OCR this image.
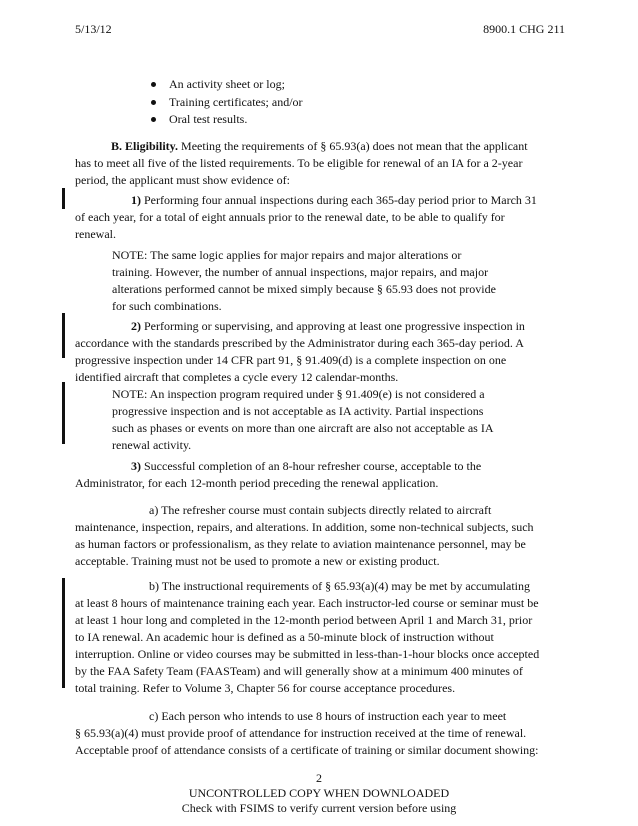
5/13/12	8900.1 CHG 211
An activity sheet or log;
Training certificates; and/or
Oral test results.
B. Eligibility. Meeting the requirements of § 65.93(a) does not mean that the applicant
has to meet all five of the listed requirements. To be eligible for renewal of an IA for a 2-year
period, the applicant must show evidence of:
1) Performing four annual inspections during each 365-day period prior to March 31
of each year, for a total of eight annuals prior to the renewal date, to be able to qualify for
renewal.
NOTE: The same logic applies for major repairs and major alterations or
training. However, the number of annual inspections, major repairs, and major
alterations performed cannot be mixed simply because § 65.93 does not provide
for such combinations.
2) Performing or supervising, and approving at least one progressive inspection in
accordance with the standards prescribed by the Administrator during each 365-day period. A
progressive inspection under 14 CFR part 91, § 91.409(d) is a complete inspection on one
identified aircraft that completes a cycle every 12 calendar-months.
NOTE: An inspection program required under § 91.409(e) is not considered a
progressive inspection and is not acceptable as IA activity. Partial inspections
such as phases or events on more than one aircraft are also not acceptable as IA
renewal activity.
3) Successful completion of an 8-hour refresher course, acceptable to the
Administrator, for each 12-month period preceding the renewal application.
a) The refresher course must contain subjects directly related to aircraft
maintenance, inspection, repairs, and alterations. In addition, some non-technical subjects, such
as human factors or professionalism, as they relate to aviation maintenance personnel, may be
acceptable. Training must not be used to promote a new or existing product.
b) The instructional requirements of § 65.93(a)(4) may be met by accumulating
at least 8 hours of maintenance training each year. Each instructor-led course or seminar must be
at least 1 hour long and completed in the 12-month period between April 1 and March 31, prior
to IA renewal. An academic hour is defined as a 50-minute block of instruction without
interruption. Online or video courses may be submitted in less-than-1-hour blocks once accepted
by the FAA Safety Team (FAASTeam) and will generally show at a minimum 400 minutes of
total training. Refer to Volume 3, Chapter 56 for course acceptance procedures.
c) Each person who intends to use 8 hours of instruction each year to meet
§ 65.93(a)(4) must provide proof of attendance for instruction received at the time of renewal.
Acceptable proof of attendance consists of a certificate of training or similar document showing:
2
UNCONTROLLED COPY WHEN DOWNLOADED
Check with FSIMS to verify current version before using
